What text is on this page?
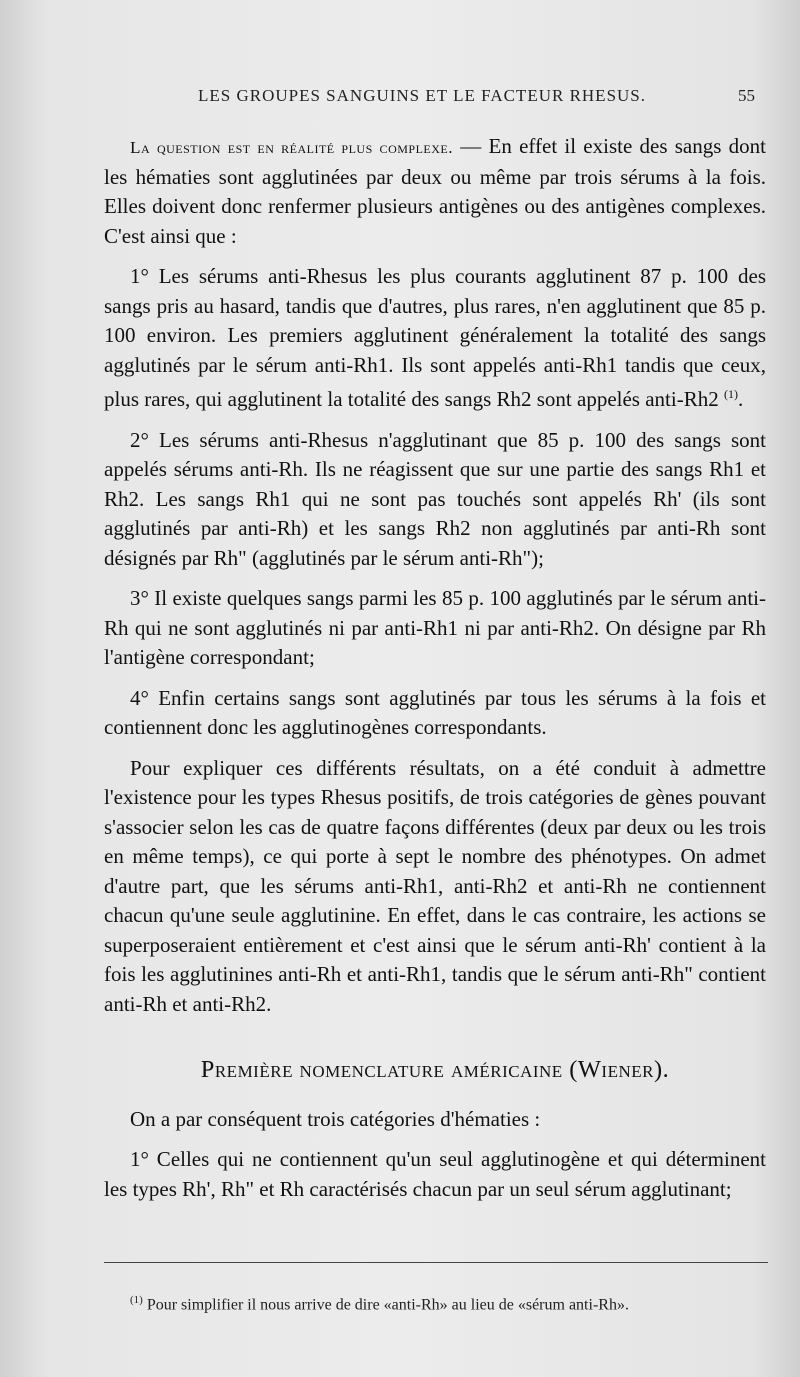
LES GROUPES SANGUINS ET LE FACTEUR RHESUS.	55

La question est en réalité plus complexe. — En effet il existe des sangs dont les hématies sont agglutinées par deux ou même par trois sérums à la fois. Elles doivent donc renfermer plusieurs antigènes ou des antigènes complexes. C'est ainsi que :

1° Les sérums anti-Rhesus les plus courants agglutinent 87 p. 100 des sangs pris au hasard, tandis que d'autres, plus rares, n'en agglutinent que 85 p. 100 environ. Les premiers agglutinent généralement la totalité des sangs agglutinés par le sérum anti-Rh1. Ils sont appelés anti-Rh1 tandis que ceux, plus rares, qui agglutinent la totalité des sangs Rh2 sont appelés anti-Rh2 $^{(1)}$.

2° Les sérums anti-Rhesus n'agglutinant que 85 p. 100 des sangs sont appelés sérums anti-Rh. Ils ne réagissent que sur une partie des sangs Rh1 et Rh2. Les sangs Rh1 qui ne sont pas touchés sont appelés Rh' (ils sont agglutinés par anti-Rh) et les sangs Rh2 non agglutinés par anti-Rh sont désignés par Rh" (agglutinés par le sérum anti-Rh");

3° Il existe quelques sangs parmi les 85 p. 100 agglutinés par le sérum anti-Rh qui ne sont agglutinés ni par anti-Rh1 ni par anti-Rh2. On désigne par Rh l'antigène correspondant;

4° Enfin certains sangs sont agglutinés par tous les sérums à la fois et contiennent donc les agglutinogènes correspondants.

Pour expliquer ces différents résultats, on a été conduit à admettre l'existence pour les types Rhesus positifs, de trois catégories de gènes pouvant s'associer selon les cas de quatre façons différentes (deux par deux ou les trois en même temps), ce qui porte à sept le nombre des phénotypes. On admet d'autre part, que les sérums anti-Rh1, anti-Rh2 et anti-Rh ne contiennent chacun qu'une seule agglutinine. En effet, dans le cas contraire, les actions se superposeraient entièrement et c'est ainsi que le sérum anti-Rh' contient à la fois les agglutinines anti-Rh et anti-Rh1, tandis que le sérum anti-Rh" contient anti-Rh et anti-Rh2.

Première nomenclature américaine (Wiener).

On a par conséquent trois catégories d'hématies :

1° Celles qui ne contiennent qu'un seul agglutinogène et qui déterminent les types Rh', Rh" et Rh caractérisés chacun par un seul sérum agglutinant;

$^{(1)}$ Pour simplifier il nous arrive de dire «anti-Rh» au lieu de «sérum anti-Rh».
